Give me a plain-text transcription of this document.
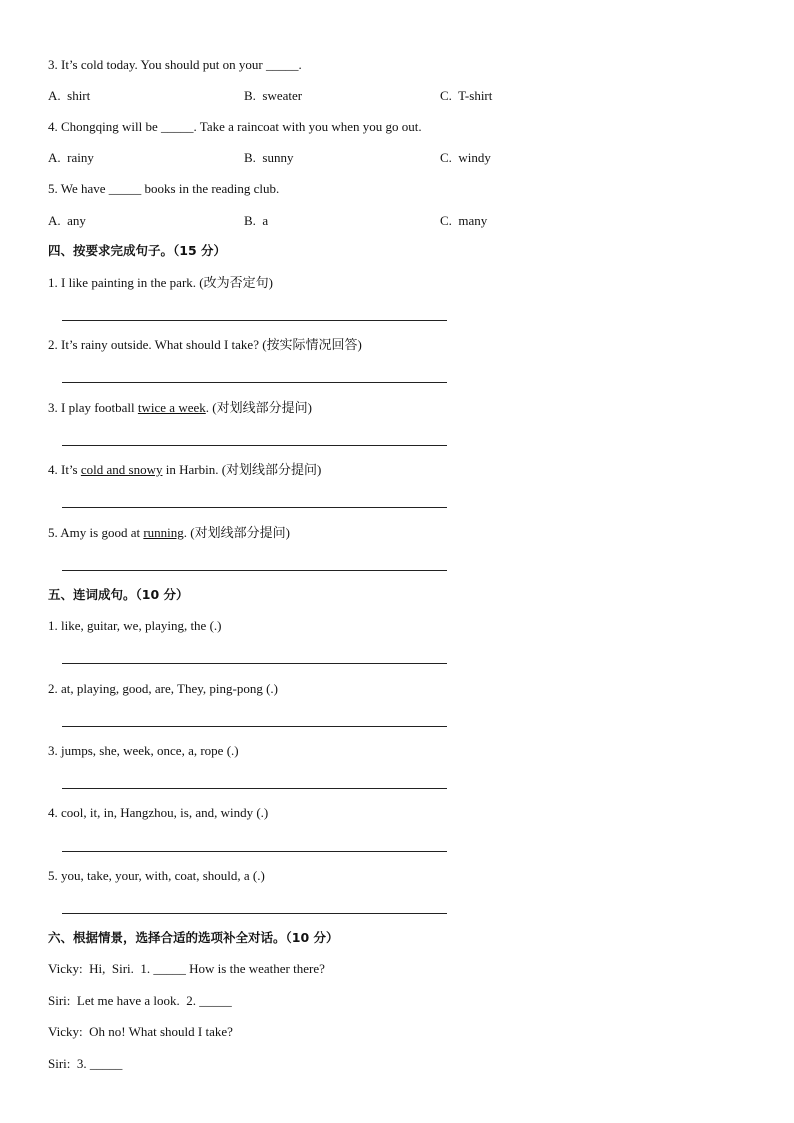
3. It’s cold today. You should put on your _____.
A.  shirt	B.  sweater	C.  T-shirt
4. Chongqing will be _____. Take a raincoat with you when you go out.
A.  rainy	B.  sunny	C.  windy
5. We have _____ books in the reading club.
A.  any	B.  a	C.  many
四、按要求完成句子。（15 分）
1. I like painting in the park. (改为否定句)
2. It’s rainy outside. What should I take? (按实际情况回答)
3. I play football twice a week. (对划线部分提问)
4. It’s cold and snowy in Harbin. (对划线部分提问)
5. Amy is good at running. (对划线部分提问)
五、连词成句。（10 分）
1. like, guitar, we, playing, the (.)
2. at, playing, good, are, They, ping-pong (.)
3. jumps, she, week, once, a, rope (.)
4. cool, it, in, Hangzhou, is, and, windy (.)
5. you, take, your, with, coat, should, a (.)
六、根据情景，选择合适的选项补全对话。（10 分）
Vicky:  Hi,  Siri.  1. _____ How is the weather there?
Siri:  Let me have a look.  2. _____
Vicky:  Oh no! What should I take?
Siri:  3. _____
